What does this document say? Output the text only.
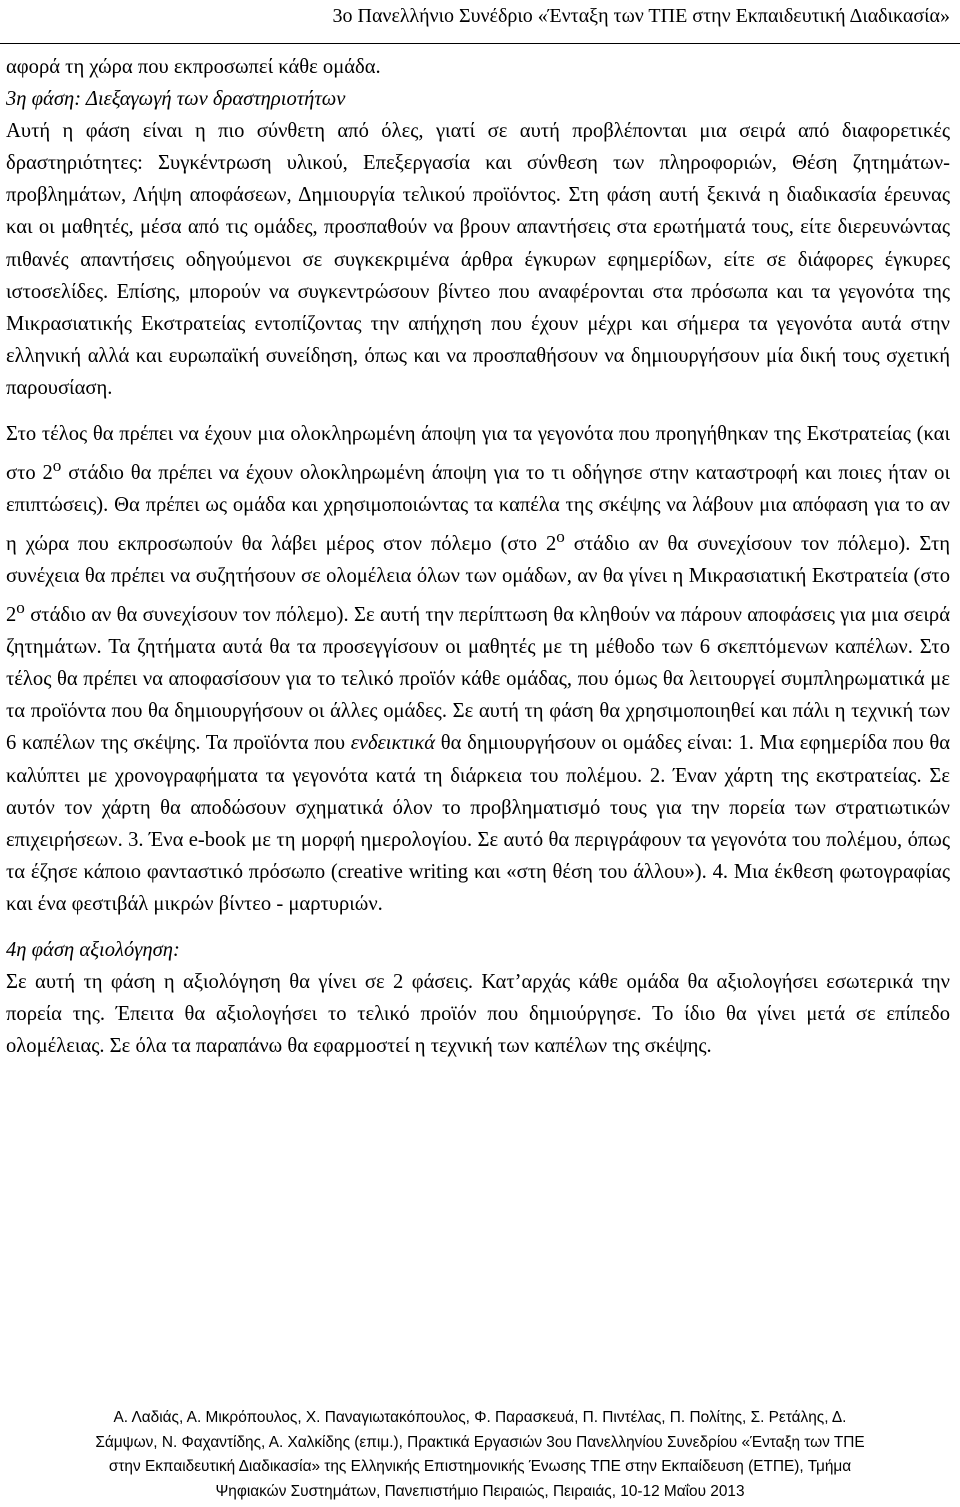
3ο Πανελλήνιο Συνέδριο «Ένταξη των ΤΠΕ στην Εκπαιδευτική Διαδικασία»

αφορά τη χώρα που εκπροσωπεί κάθε ομάδα.

3η φάση: Διεξαγωγή των δραστηριοτήτων

Αυτή η φάση είναι η πιο σύνθετη από όλες, γιατί σε αυτή προβλέπονται μια σειρά από διαφορετικές δραστηριότητες: Συγκέντρωση υλικού, Επεξεργασία και σύνθεση των πληροφοριών, Θέση ζητημάτων- προβλημάτων, Λήψη αποφάσεων, Δημιουργία τελικού προϊόντος. Στη φάση αυτή ξεκινά η διαδικασία έρευνας και οι μαθητές, μέσα από τις ομάδες, προσπαθούν να βρουν απαντήσεις στα ερωτήματά τους, είτε διερευνώντας πιθανές απαντήσεις οδηγούμενοι σε συγκεκριμένα άρθρα έγκυρων εφημερίδων, είτε σε διάφορες έγκυρες ιστοσελίδες. Επίσης, μπορούν να συγκεντρώσουν βίντεο που αναφέρονται στα πρόσωπα και τα γεγονότα της Μικρασιατικής Εκστρατείας εντοπίζοντας την απήχηση που έχουν μέχρι και σήμερα τα γεγονότα αυτά στην ελληνική αλλά και ευρωπαϊκή συνείδηση, όπως και να προσπαθήσουν να δημιουργήσουν μία δική τους σχετική παρουσίαση.

Στο τέλος θα πρέπει να έχουν μια ολοκληρωμένη άποψη για τα γεγονότα που προηγήθηκαν της Εκστρατείας (και στο $2^o$ στάδιο θα πρέπει να έχουν ολοκληρωμένη άποψη για το τι οδήγησε στην καταστροφή και ποιες ήταν οι επιπτώσεις). Θα πρέπει ως ομάδα και χρησιμοποιώντας τα καπέλα της σκέψης να λάβουν μια απόφαση για το αν η χώρα που εκπροσωπούν θα λάβει μέρος στον πόλεμο (στο $2^o$ στάδιο αν θα συνεχίσουν τον πόλεμο). Στη συνέχεια θα πρέπει να συζητήσουν σε ολομέλεια όλων των ομάδων, αν θα γίνει η Μικρασιατική Εκστρατεία (στο $2^o$ στάδιο αν θα συνεχίσουν τον πόλεμο). Σε αυτή την περίπτωση θα κληθούν να πάρουν αποφάσεις για μια σειρά ζητημάτων. Τα ζητήματα αυτά θα τα προσεγγίσουν οι μαθητές με τη μέθοδο των 6 σκεπτόμενων καπέλων. Στο τέλος θα πρέπει να αποφασίσουν για το τελικό προϊόν κάθε ομάδας, που όμως θα λειτουργεί συμπληρωματικά με τα προϊόντα που θα δημιουργήσουν οι άλλες ομάδες. Σε αυτή τη φάση θα χρησιμοποιηθεί και πάλι η τεχνική των 6 καπέλων της σκέψης. Τα προϊόντα που ενδεικτικά θα δημιουργήσουν οι ομάδες είναι: 1. Μια εφημερίδα που θα καλύπτει με χρονογραφήματα τα γεγονότα κατά τη διάρκεια του πολέμου. 2. Έναν χάρτη της εκστρατείας. Σε αυτόν τον χάρτη θα αποδώσουν σχηματικά όλον το προβληματισμό τους για την πορεία των στρατιωτικών επιχειρήσεων. 3. Ένα e-book με τη μορφή ημερολογίου. Σε αυτό θα περιγράφουν τα γεγονότα του πολέμου, όπως τα έζησε κάποιο φανταστικό πρόσωπο (creative writing και «στη θέση του άλλου»). 4. Μια έκθεση φωτογραφίας και ένα φεστιβάλ μικρών βίντεο - μαρτυριών.

4η φάση αξιολόγηση:

Σε αυτή τη φάση η αξιολόγηση θα γίνει σε 2 φάσεις. Κατ’αρχάς κάθε ομάδα θα αξιολογήσει εσωτερικά την πορεία της. Έπειτα θα αξιολογήσει το τελικό προϊόν που δημιούργησε. Το ίδιο θα γίνει μετά σε επίπεδο ολομέλειας. Σε όλα τα παραπάνω θα εφαρμοστεί η τεχνική των καπέλων της σκέψης.

Α. Λαδιάς, Α. Μικρόπουλος, Χ. Παναγιωτακόπουλος, Φ. Παρασκευά, Π. Πιντέλας, Π. Πολίτης, Σ. Ρετάλης, Δ.
Σάμψων, Ν. Φαχαντίδης, Α. Χαλκίδης (επιμ.), Πρακτικά Εργασιών 3ου Πανελληνίου Συνεδρίου «Ένταξη των ΤΠΕ
στην Εκπαιδευτική Διαδικασία» της Ελληνικής Επιστημονικής Ένωσης ΤΠΕ στην Εκπαίδευση (ΕΤΠΕ), Τμήμα
Ψηφιακών Συστημάτων, Πανεπιστήμιο Πειραιώς, Πειραιάς, 10-12 Μαΐου 2013
